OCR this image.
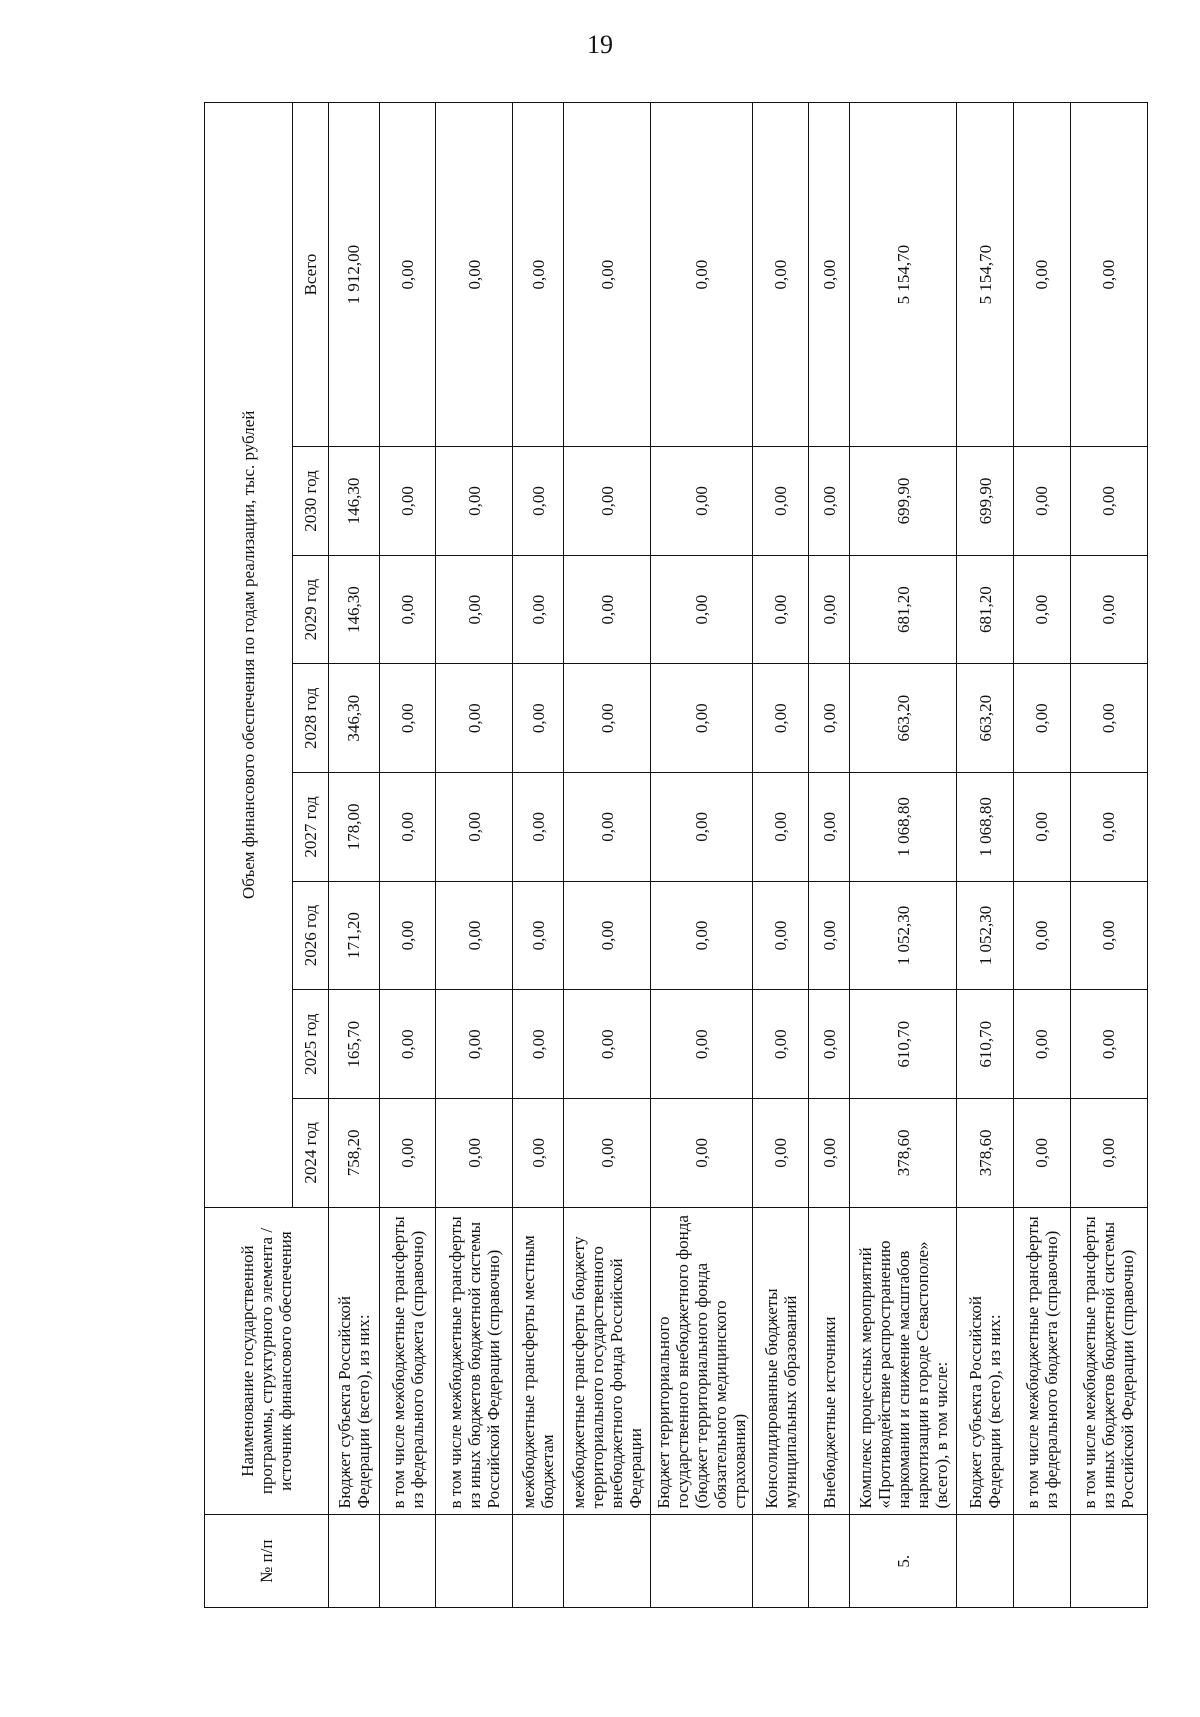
19
№ п/п	Наименование государственной программы, структурного элемента / источник финансового обеспечения	Объем финансового обеспечения по годам реализации, тыс. рублей							
		2024 год	2025 год	2026 год	2027 год	2028 год	2029 год	2030 год	Всего
	Бюджет субъекта Российской Федерации (всего), из них:	758,20	165,70	171,20	178,00	346,30	146,30	146,30	1 912,00
	в том числе межбюджетные трансферты из федерального бюджета (справочно)	0,00	0,00	0,00	0,00	0,00	0,00	0,00	0,00
	в том числе межбюджетные трансферты из иных бюджетов бюджетной системы Российской Федерации (справочно)	0,00	0,00	0,00	0,00	0,00	0,00	0,00	0,00
	межбюджетные трансферты местным бюджетам	0,00	0,00	0,00	0,00	0,00	0,00	0,00	0,00
	межбюджетные трансферты бюджету территориального государственного внебюджетного фонда Российской Федерации	0,00	0,00	0,00	0,00	0,00	0,00	0,00	0,00
	Бюджет территориального государственного внебюджетного фонда (бюджет территориального фонда обязательного медицинского страхования)	0,00	0,00	0,00	0,00	0,00	0,00	0,00	0,00
	Консолидированные бюджеты муниципальных образований	0,00	0,00	0,00	0,00	0,00	0,00	0,00	0,00
	Внебюджетные источники	0,00	0,00	0,00	0,00	0,00	0,00	0,00	0,00
5.	Комплекс процессных мероприятий «Противодействие распространению наркомании и снижение масштабов наркотизации в городе Севастополе» (всего), в том числе:	378,60	610,70	1 052,30	1 068,80	663,20	681,20	699,90	5 154,70
	Бюджет субъекта Российской Федерации (всего), из них:	378,60	610,70	1 052,30	1 068,80	663,20	681,20	699,90	5 154,70
	в том числе межбюджетные трансферты из федерального бюджета (справочно)	0,00	0,00	0,00	0,00	0,00	0,00	0,00	0,00
	в том числе межбюджетные трансферты из иных бюджетов бюджетной системы Российской Федерации (справочно)	0,00	0,00	0,00	0,00	0,00	0,00	0,00	0,00
